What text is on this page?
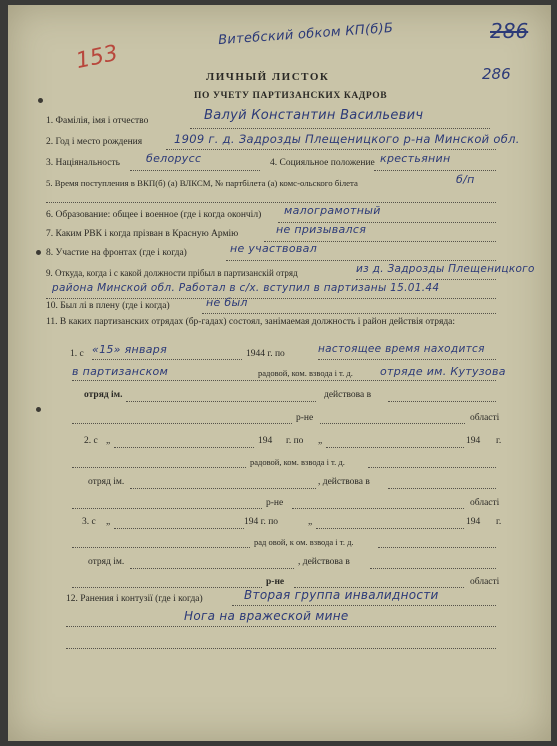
Витебский обком КП(б)Б
153
286
286
ЛИЧНЫЙ ЛИСТОК
ПО УЧЕТУ ПАРТИЗАНСКИХ КАДРОВ
1. Фамілія, імя і отчество	Валуй Константин Васильевич
2. Год і место рождения	1909 г. д. Задрозды Плещеницкого р-на Минской обл.
3. Націянальность белорусс	4. Социяльное положение крестьянин
5. Время поступления в ВКП(б) (a) ВЛКСМ, № партбілета (a) комс-ольского білета	б/п
6. Образование: общее і военное (где і когда окончіл) малограмотный
7. Каким РВК і когда прізван в Красную Армію	не призывался
8. Участие на фронтах (где і когда)	не участвовал
9. Откуда, когда і с какой должности прібыл в партизанскій отряд	из д. Задрозды Плещеницкого
района Минской обл. Работал в с/х. вступил в партизаны 15.01.44
10. Был лі в плену (где і когда)	не был
11. В каких партизанских отрядах (бр-гадах) состоял, занімаемая должность і район действія отряда:
1. с «15» января	1944 г. по	настоящее время находится
в партизанском	радовой, ком. взвода і т. д. отряде им. Кутузова
отряд ім.	действова в
р-не	області
2. с „	194 г. по „	194 г.
радовой, ком. взвода і т. д.
отряд ім.	, действова в
р-не	області
3. с „	194 г. по	„	194 г.
рад овой, к ом. взвода і т. д.
отряд ім.	, действова в
р-не	області
12. Ранения і контузії (где і когда)	Вторая группа инвалидности
Нога на вражеской мине
